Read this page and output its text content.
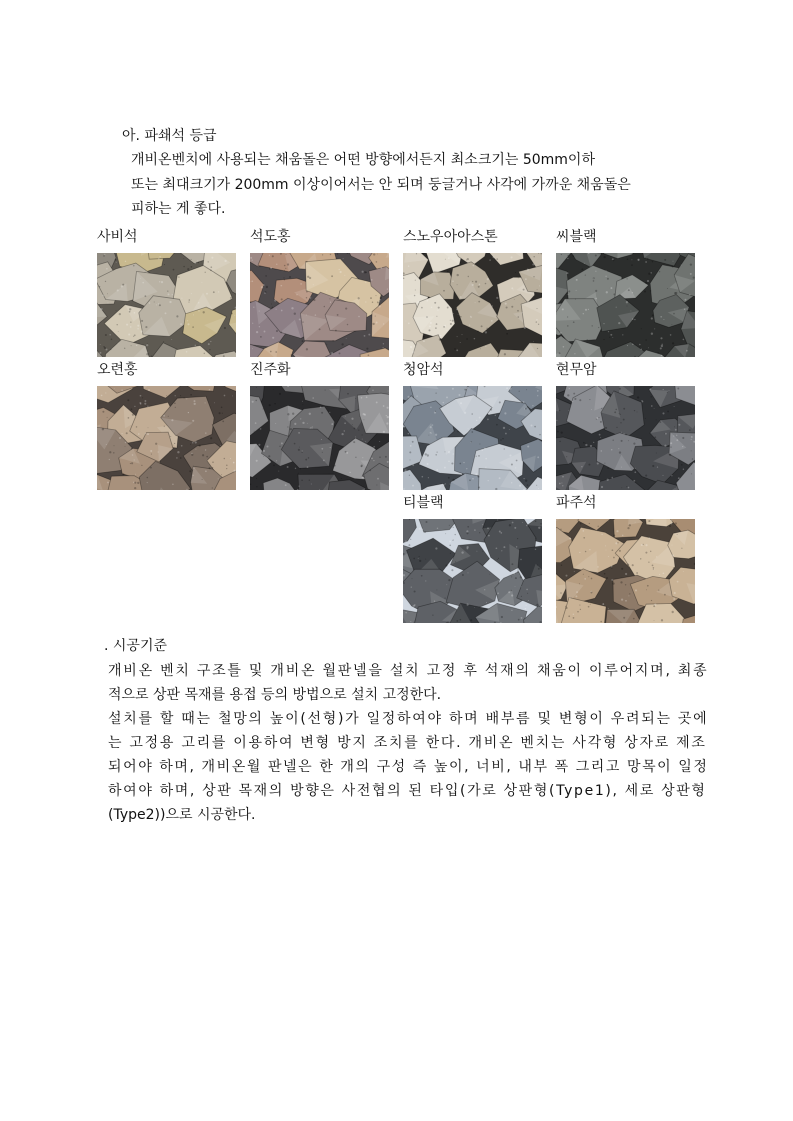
아. 파쇄석 등급
개비온벤치에 사용되는 채움돌은 어떤 방향에서든지 최소크기는 50mm이하
또는 최대크기가 200mm 이상이어서는 안 되며 둥글거나 사각에 가까운 채움돌은
피하는 게 좋다.
사비석	석도홍	스노우아아스톤	씨블랙
오련홍	진주화	청암석	현무암
티블랙	파주석
. 시공기준
개비온 벤치 구조틀 및 개비온 월판넬을 설치 고정 후 석재의 채움이 이루어지며, 최종
적으로 상판 목재를 용접 등의 방법으로 설치 고정한다.
설치를 할 때는 철망의 높이(선형)가 일정하여야 하며 배부름 및 변형이 우려되는 곳에
는 고정용 고리를 이용하여 변형 방지 조치를 한다. 개비온 벤치는 사각형 상자로 제조
되어야 하며, 개비온월 판넬은 한 개의 구성 즉 높이, 너비, 내부 폭 그리고 망목이 일정
하여야 하며, 상판 목재의 방향은 사전협의 된 타입(가로 상판형(Type1), 세로 상판형
(Type2))으로 시공한다.
